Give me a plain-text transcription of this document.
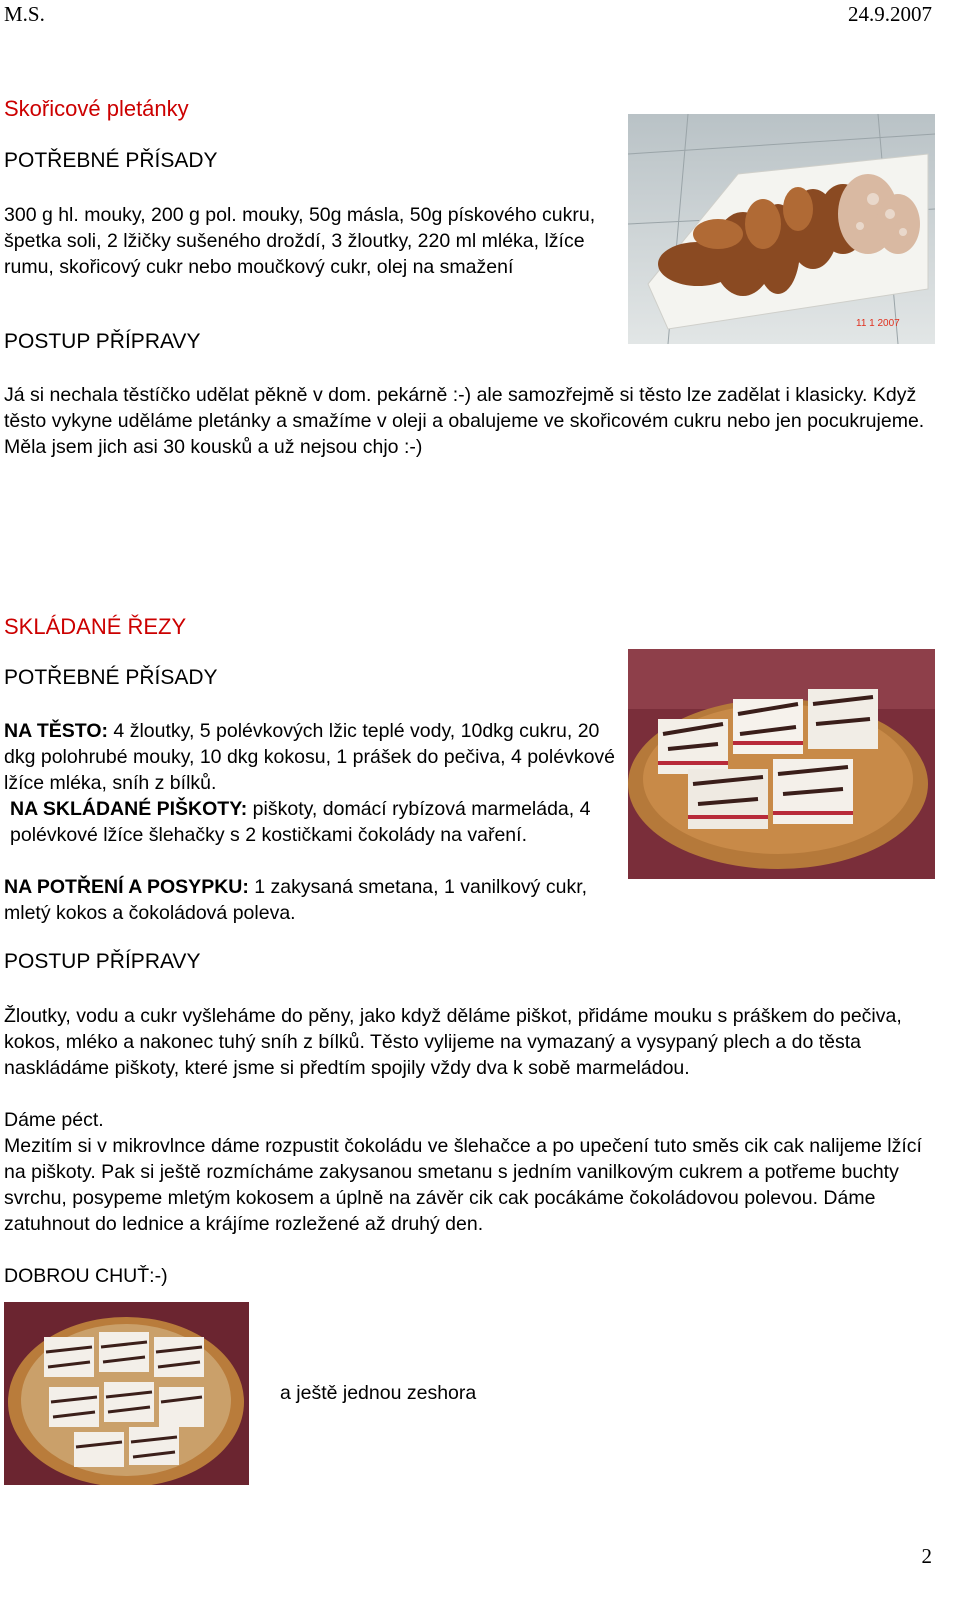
M.S.	24.9.2007
Skořicové pletánky
POTŘEBNÉ PŘÍSADY
300 g hl. mouky, 200 g pol. mouky, 50g másla, 50g pískového cukru, špetka soli, 2 lžičky sušeného droždí, 3 žloutky, 220 ml mléka, lžíce rumu, skořicový cukr nebo moučkový cukr, olej na smažení
POSTUP PŘÍPRAVY
Já si nechala těstíčko udělat pěkně v dom. pekárně :-) ale samozřejmě si těsto lze zadělat i klasicky. Když těsto vykyne uděláme pletánky a smažíme v oleji a obalujeme ve skořicovém cukru nebo jen pocukrujeme. Měla jsem jich asi 30 kousků a už nejsou chjo :-)
11 1 2007
SKLÁDANÉ ŘEZY
POTŘEBNÉ PŘÍSADY
NA TĚSTO: 4 žloutky, 5 polévkových lžic teplé vody, 10dkg cukru, 20 dkg polohrubé mouky, 10 dkg kokosu, 1 prášek do pečiva, 4 polévkové lžíce mléka, sníh z bílků.
NA SKLÁDANÉ PIŠKOTY: piškoty, domácí rybízová marmeláda, 4 polévkové lžíce šlehačky s 2 kostičkami čokolády na vaření.
NA POTŘENÍ A POSYPKU: 1 zakysaná smetana, 1 vanilkový cukr, mletý kokos a čokoládová poleva.
POSTUP PŘÍPRAVY
Žloutky, vodu a cukr vyšleháme do pěny, jako když děláme piškot, přidáme mouku s práškem do pečiva, kokos, mléko a nakonec tuhý sníh z bílků. Těsto vylijeme na vymazaný a vysypaný plech a do těsta naskládáme piškoty, které jsme si předtím spojily vždy dva k sobě marmeládou.
Dáme péct.
Mezitím si v mikrovlnce dáme rozpustit čokoládu ve šlehačce a po upečení tuto směs cik cak nalijeme lžící na piškoty. Pak si ještě rozmícháme zakysanou smetanu s jedním vanilkovým cukrem a potřeme buchty svrchu, posypeme mletým kokosem a úplně na závěr cik cak pocákáme čokoládovou polevou. Dáme zatuhnout do lednice a krájíme rozležené až druhý den.
DOBROU CHUŤ:-)
a ještě jednou zeshora
2
